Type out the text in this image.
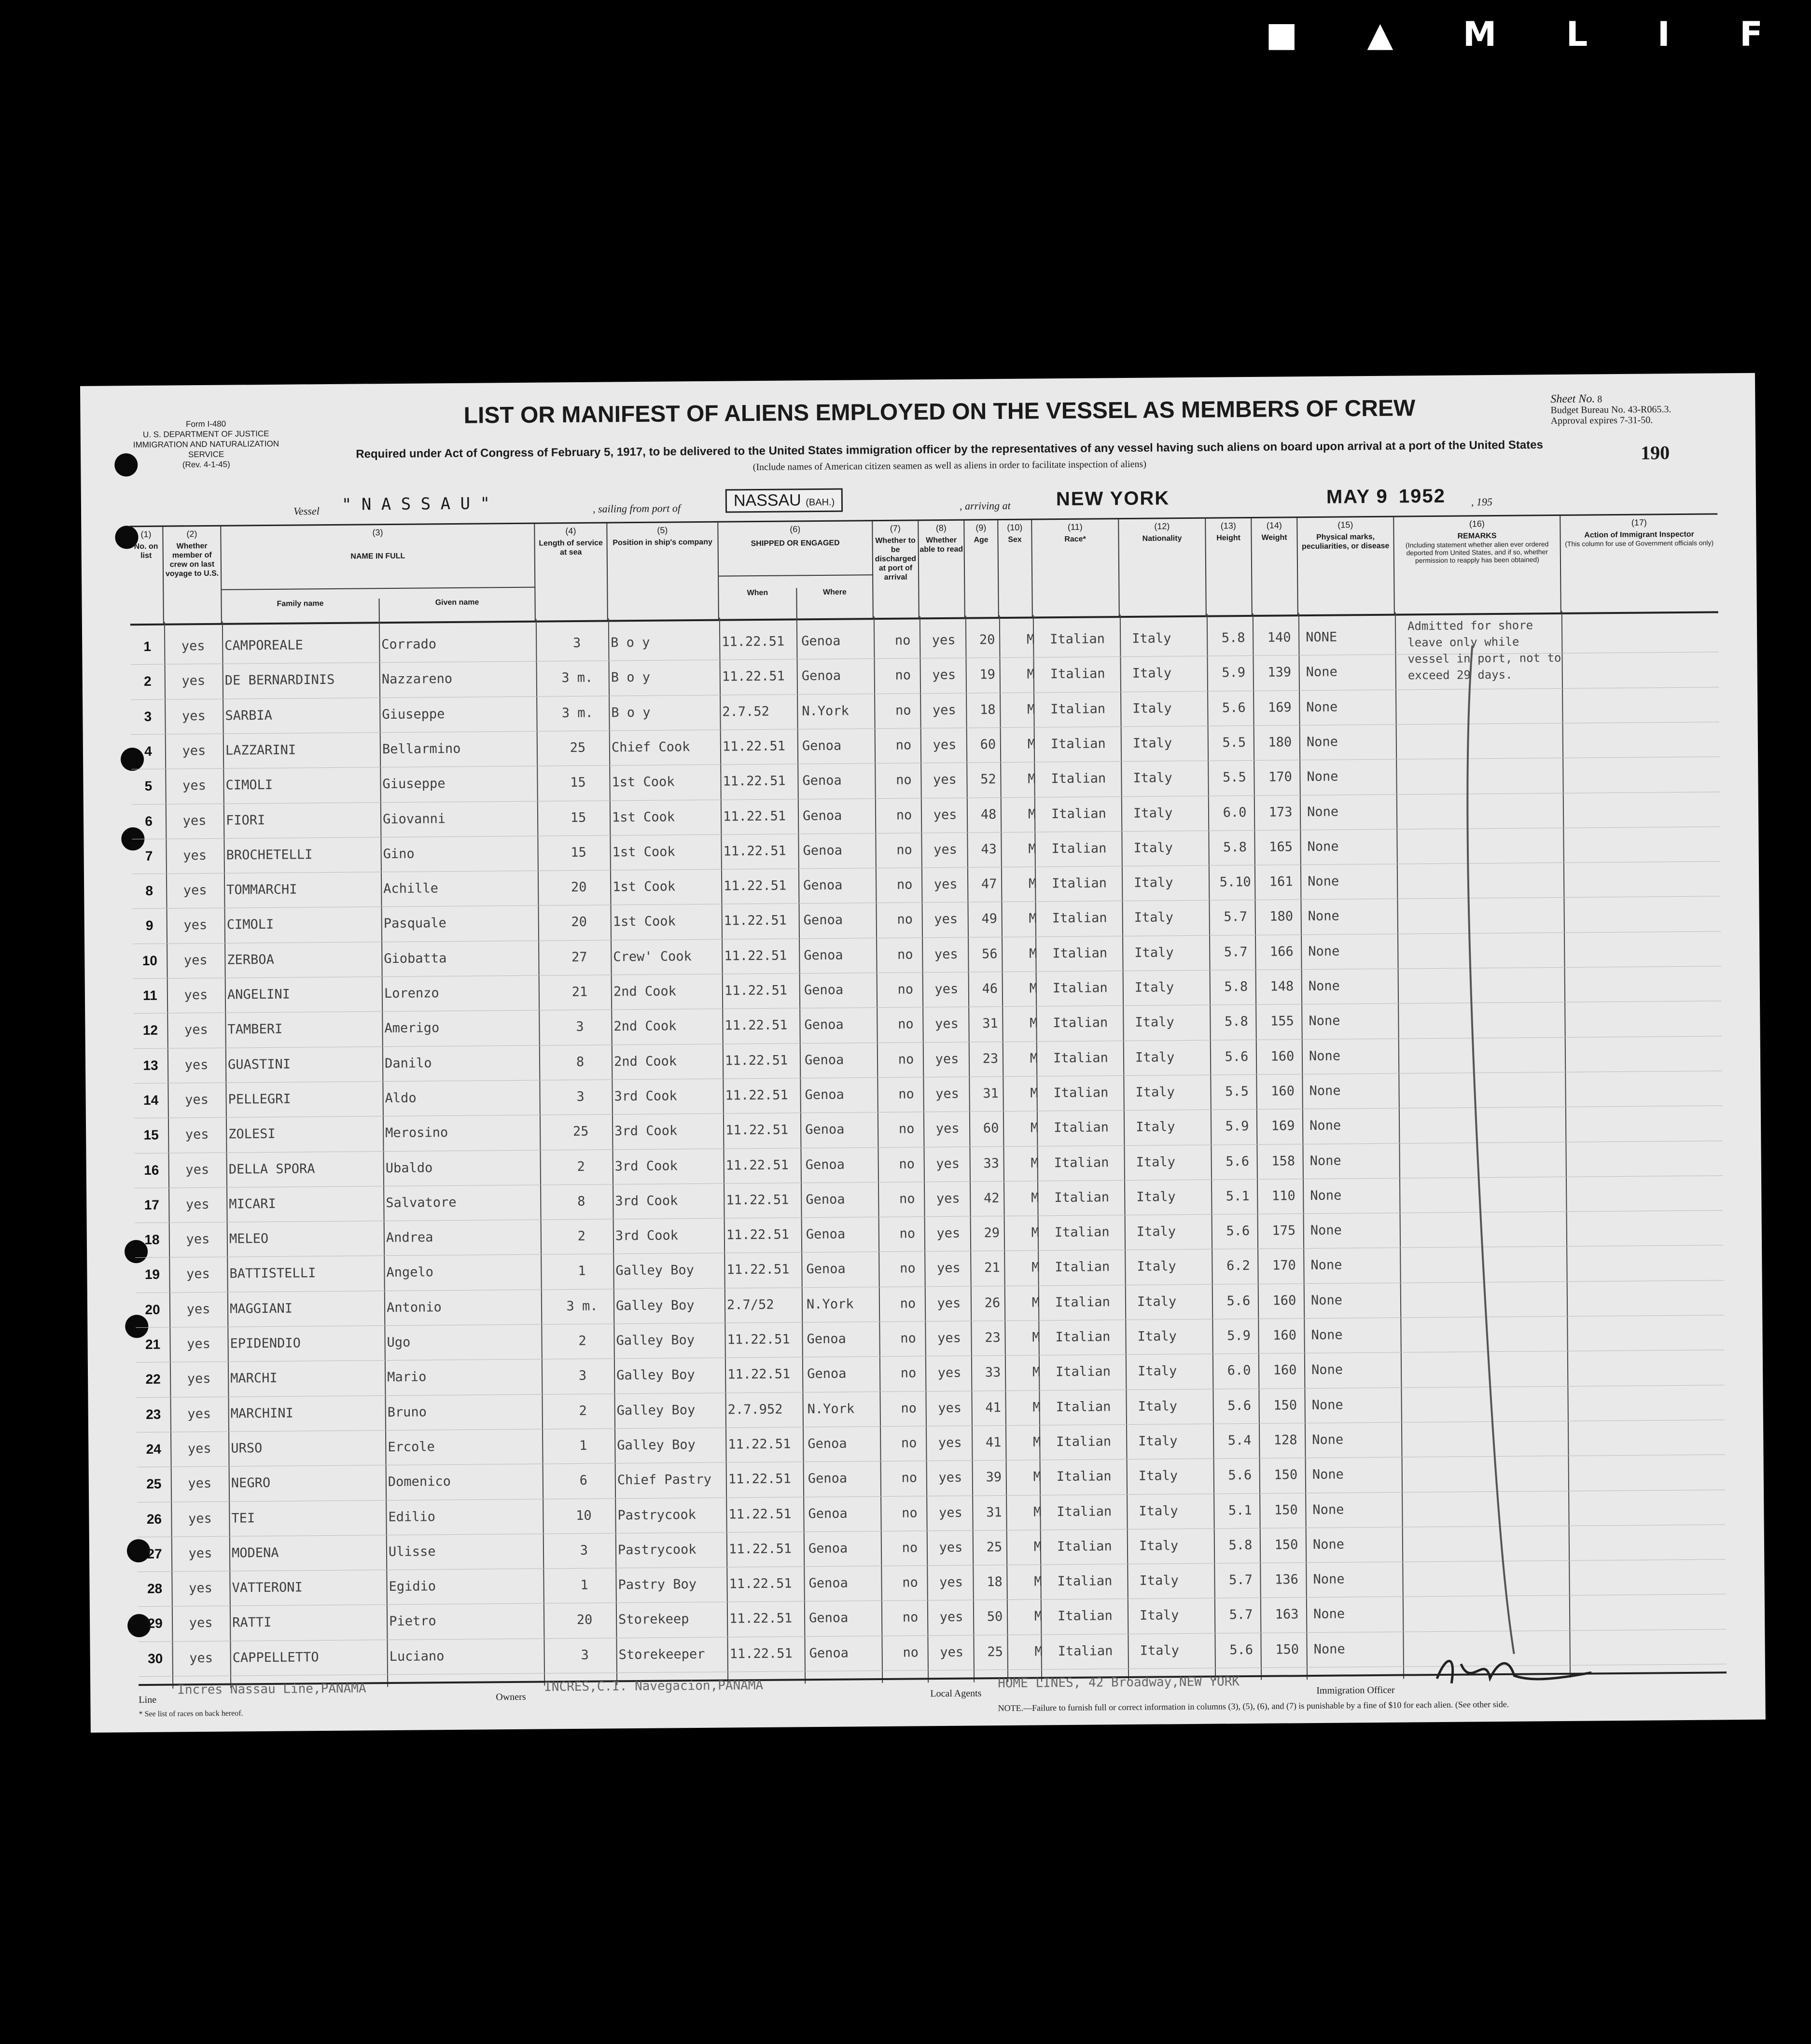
■ ▲ M L I F
Form I-480
U. S. DEPARTMENT OF JUSTICE
IMMIGRATION AND NATURALIZATION SERVICE
(Rev. 4-1-45)
LIST OR MANIFEST OF ALIENS EMPLOYED ON THE VESSEL AS MEMBERS OF CREW
Required under Act of Congress of February 5, 1917, to be delivered to the United States immigration officer by the representatives of any vessel having such aliens on board upon arrival at a port of the United States
(Include names of American citizen seamen as well as aliens in order to facilitate inspection of aliens)
Sheet No. 8
Budget Bureau No. 43-R065.3.
Approval expires 7-31-50.
190
Vessel " N A S S A U "	, sailing from port of	NASSAU (BAH.)	, arriving at NEW YORK	MAY 9 1952 , 195
(1)
No. on list
(2)
Whether member of crew on last voyage to U.S.
(3)
NAME IN FULL
Family name	Given name
(4)
Length of service at sea
(5)
Position in ship's company
(6)
SHIPPED OR ENGAGED
When	Where
(7)
Whether to be discharged at port of arrival
(8)
Whether able to read
(9)
Age
(10)
Sex
(11)
Race*
(12)
Nationality
(13)
Height
(14)
Weight
(15)
Physical marks, peculiarities, or disease
(16)
REMARKS
(Including statement whether alien ever ordered deported from United States, and if so, whether permission to reapply has been obtained)
(17)
Action of Immigrant Inspector
(This column for use of Government officials only)
1	yes	CAMPOREALE	Corrado	3	B o y	11.22.51	Genoa	no	yes	20	M	Italian	Italy	5.8	140	NONE
2	yes	DE BERNARDINIS	Nazzareno	3 m.	B o y	11.22.51	Genoa	no	yes	19	M	Italian	Italy	5.9	139	None
3	yes	SARBIA	Giuseppe	3 m.	B o y	2.7.52	N.York	no	yes	18	M	Italian	Italy	5.6	169	None
4	yes	LAZZARINI	Bellarmino	25	Chief Cook	11.22.51	Genoa	no	yes	60	M	Italian	Italy	5.5	180	None
5	yes	CIMOLI	Giuseppe	15	1st Cook	11.22.51	Genoa	no	yes	52	M	Italian	Italy	5.5	170	None
6	yes	FIORI	Giovanni	15	1st Cook	11.22.51	Genoa	no	yes	48	M	Italian	Italy	6.0	173	None
7	yes	BROCHETELLI	Gino	15	1st Cook	11.22.51	Genoa	no	yes	43	M	Italian	Italy	5.8	165	None
8	yes	TOMMARCHI	Achille	20	1st Cook	11.22.51	Genoa	no	yes	47	M	Italian	Italy	5.10	161	None
9	yes	CIMOLI	Pasquale	20	1st Cook	11.22.51	Genoa	no	yes	49	M	Italian	Italy	5.7	180	None
10	yes	ZERBOA	Giobatta	27	Crew' Cook	11.22.51	Genoa	no	yes	56	M	Italian	Italy	5.7	166	None
11	yes	ANGELINI	Lorenzo	21	2nd Cook	11.22.51	Genoa	no	yes	46	M	Italian	Italy	5.8	148	None
12	yes	TAMBERI	Amerigo	3	2nd Cook	11.22.51	Genoa	no	yes	31	M	Italian	Italy	5.8	155	None
13	yes	GUASTINI	Danilo	8	2nd Cook	11.22.51	Genoa	no	yes	23	M	Italian	Italy	5.6	160	None
14	yes	PELLEGRI	Aldo	3	3rd Cook	11.22.51	Genoa	no	yes	31	M	Italian	Italy	5.5	160	None
15	yes	ZOLESI	Merosino	25	3rd Cook	11.22.51	Genoa	no	yes	60	M	Italian	Italy	5.9	169	None
16	yes	DELLA SPORA	Ubaldo	2	3rd Cook	11.22.51	Genoa	no	yes	33	M	Italian	Italy	5.6	158	None
17	yes	MICARI	Salvatore	8	3rd Cook	11.22.51	Genoa	no	yes	42	M	Italian	Italy	5.1	110	None
18	yes	MELEO	Andrea	2	3rd Cook	11.22.51	Genoa	no	yes	29	M	Italian	Italy	5.6	175	None
19	yes	BATTISTELLI	Angelo	1	Galley Boy	11.22.51	Genoa	no	yes	21	M	Italian	Italy	6.2	170	None
20	yes	MAGGIANI	Antonio	3 m.	Galley Boy	2.7/52	N.York	no	yes	26	M	Italian	Italy	5.6	160	None
21	yes	EPIDENDIO	Ugo	2	Galley Boy	11.22.51	Genoa	no	yes	23	M	Italian	Italy	5.9	160	None
22	yes	MARCHI	Mario	3	Galley Boy	11.22.51	Genoa	no	yes	33	M	Italian	Italy	6.0	160	None
23	yes	MARCHINI	Bruno	2	Galley Boy	2.7.952	N.York	no	yes	41	M	Italian	Italy	5.6	150	None
24	yes	URSO	Ercole	1	Galley Boy	11.22.51	Genoa	no	yes	41	M	Italian	Italy	5.4	128	None
25	yes	NEGRO	Domenico	6	Chief Pastry	11.22.51	Genoa	no	yes	39	M	Italian	Italy	5.6	150	None
26	yes	TEI	Edilio	10	Pastrycook	11.22.51	Genoa	no	yes	31	M	Italian	Italy	5.1	150	None
27	yes	MODENA	Ulisse	3	Pastrycook	11.22.51	Genoa	no	yes	25	M	Italian	Italy	5.8	150	None
28	yes	VATTERONI	Egidio	1	Pastry Boy	11.22.51	Genoa	no	yes	18	M	Italian	Italy	5.7	136	None
29	yes	RATTI	Pietro	20	Storekeep	11.22.51	Genoa	no	yes	50	M	Italian	Italy	5.7	163	None
30	yes	CAPPELLETTO	Luciano	3	Storekeeper	11.22.51	Genoa	no	yes	25	M	Italian	Italy	5.6	150	None
Admitted for shore leave only while vessel in port, not to exceed 29 days.
Line
Incres Nassau Line,PANAMA	Owners
INCRES,C.I. Navegacion,PANAMA	Local Agents
HOME LINES, 42 Broadway,NEW YORK	Immigration Officer
* See list of races on back hereof.
NOTE.—Failure to furnish full or correct information in columns (3), (5), (6), and (7) is punishable by a fine of $10 for each alien. (See other side.
